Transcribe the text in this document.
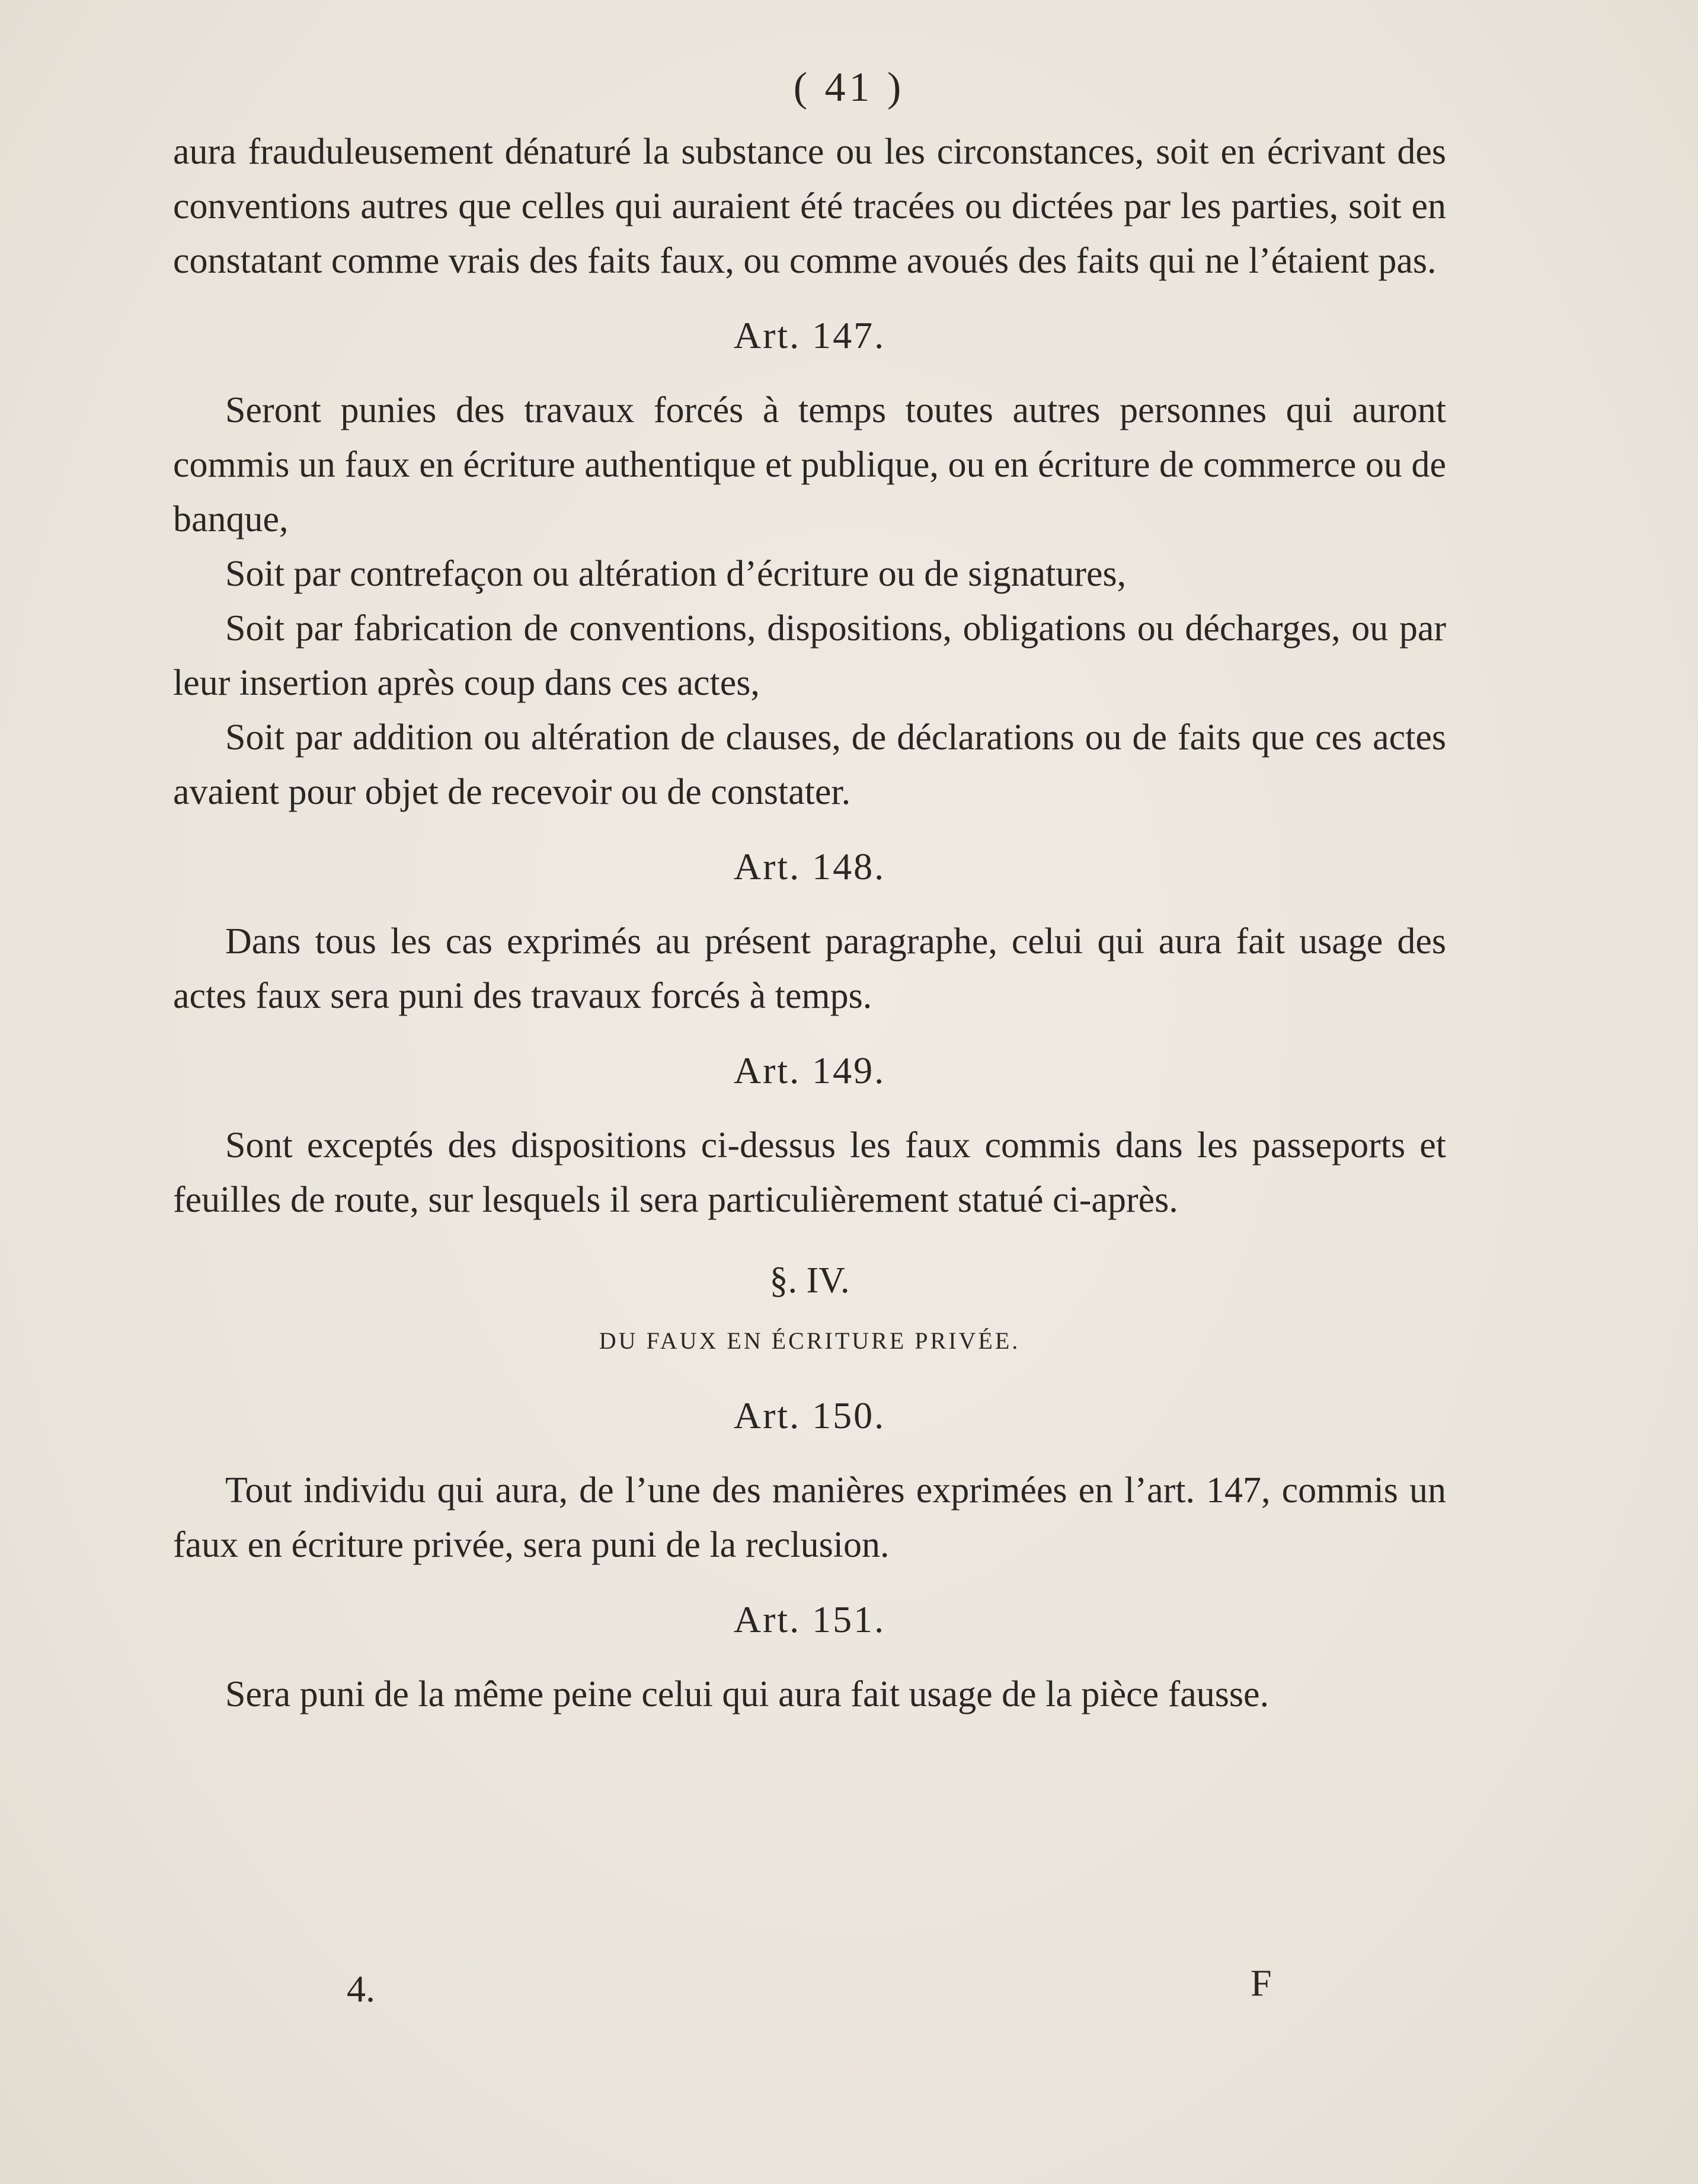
( 41 )

aura frauduleusement dénaturé la substance ou les circonstances, soit en écrivant des conventions autres que celles qui auraient été tracées ou dictées par les parties, soit en constatant comme vrais des faits faux, ou comme avoués des faits qui ne l’étaient pas.

Art. 147.

Seront punies des travaux forcés à temps toutes autres personnes qui auront commis un faux en écriture authentique et publique, ou en écriture de commerce ou de banque,

Soit par contrefaçon ou altération d’écriture ou de signatures,

Soit par fabrication de conventions, dispositions, obligations ou décharges, ou par leur insertion après coup dans ces actes,

Soit par addition ou altération de clauses, de déclarations ou de faits que ces actes avaient pour objet de recevoir ou de constater.

Art. 148.

Dans tous les cas exprimés au présent paragraphe, celui qui aura fait usage des actes faux sera puni des travaux forcés à temps.

Art. 149.

Sont exceptés des dispositions ci-dessus les faux commis dans les passeports et feuilles de route, sur lesquels il sera particulièrement statué ci-après.

§. IV.
DU FAUX EN ÉCRITURE PRIVÉE.
Art. 150.

Tout individu qui aura, de l’une des manières exprimées en l’art. 147, commis un faux en écriture privée, sera puni de la reclusion.

Art. 151.

Sera puni de la même peine celui qui aura fait usage de la pièce fausse.

4.	F
